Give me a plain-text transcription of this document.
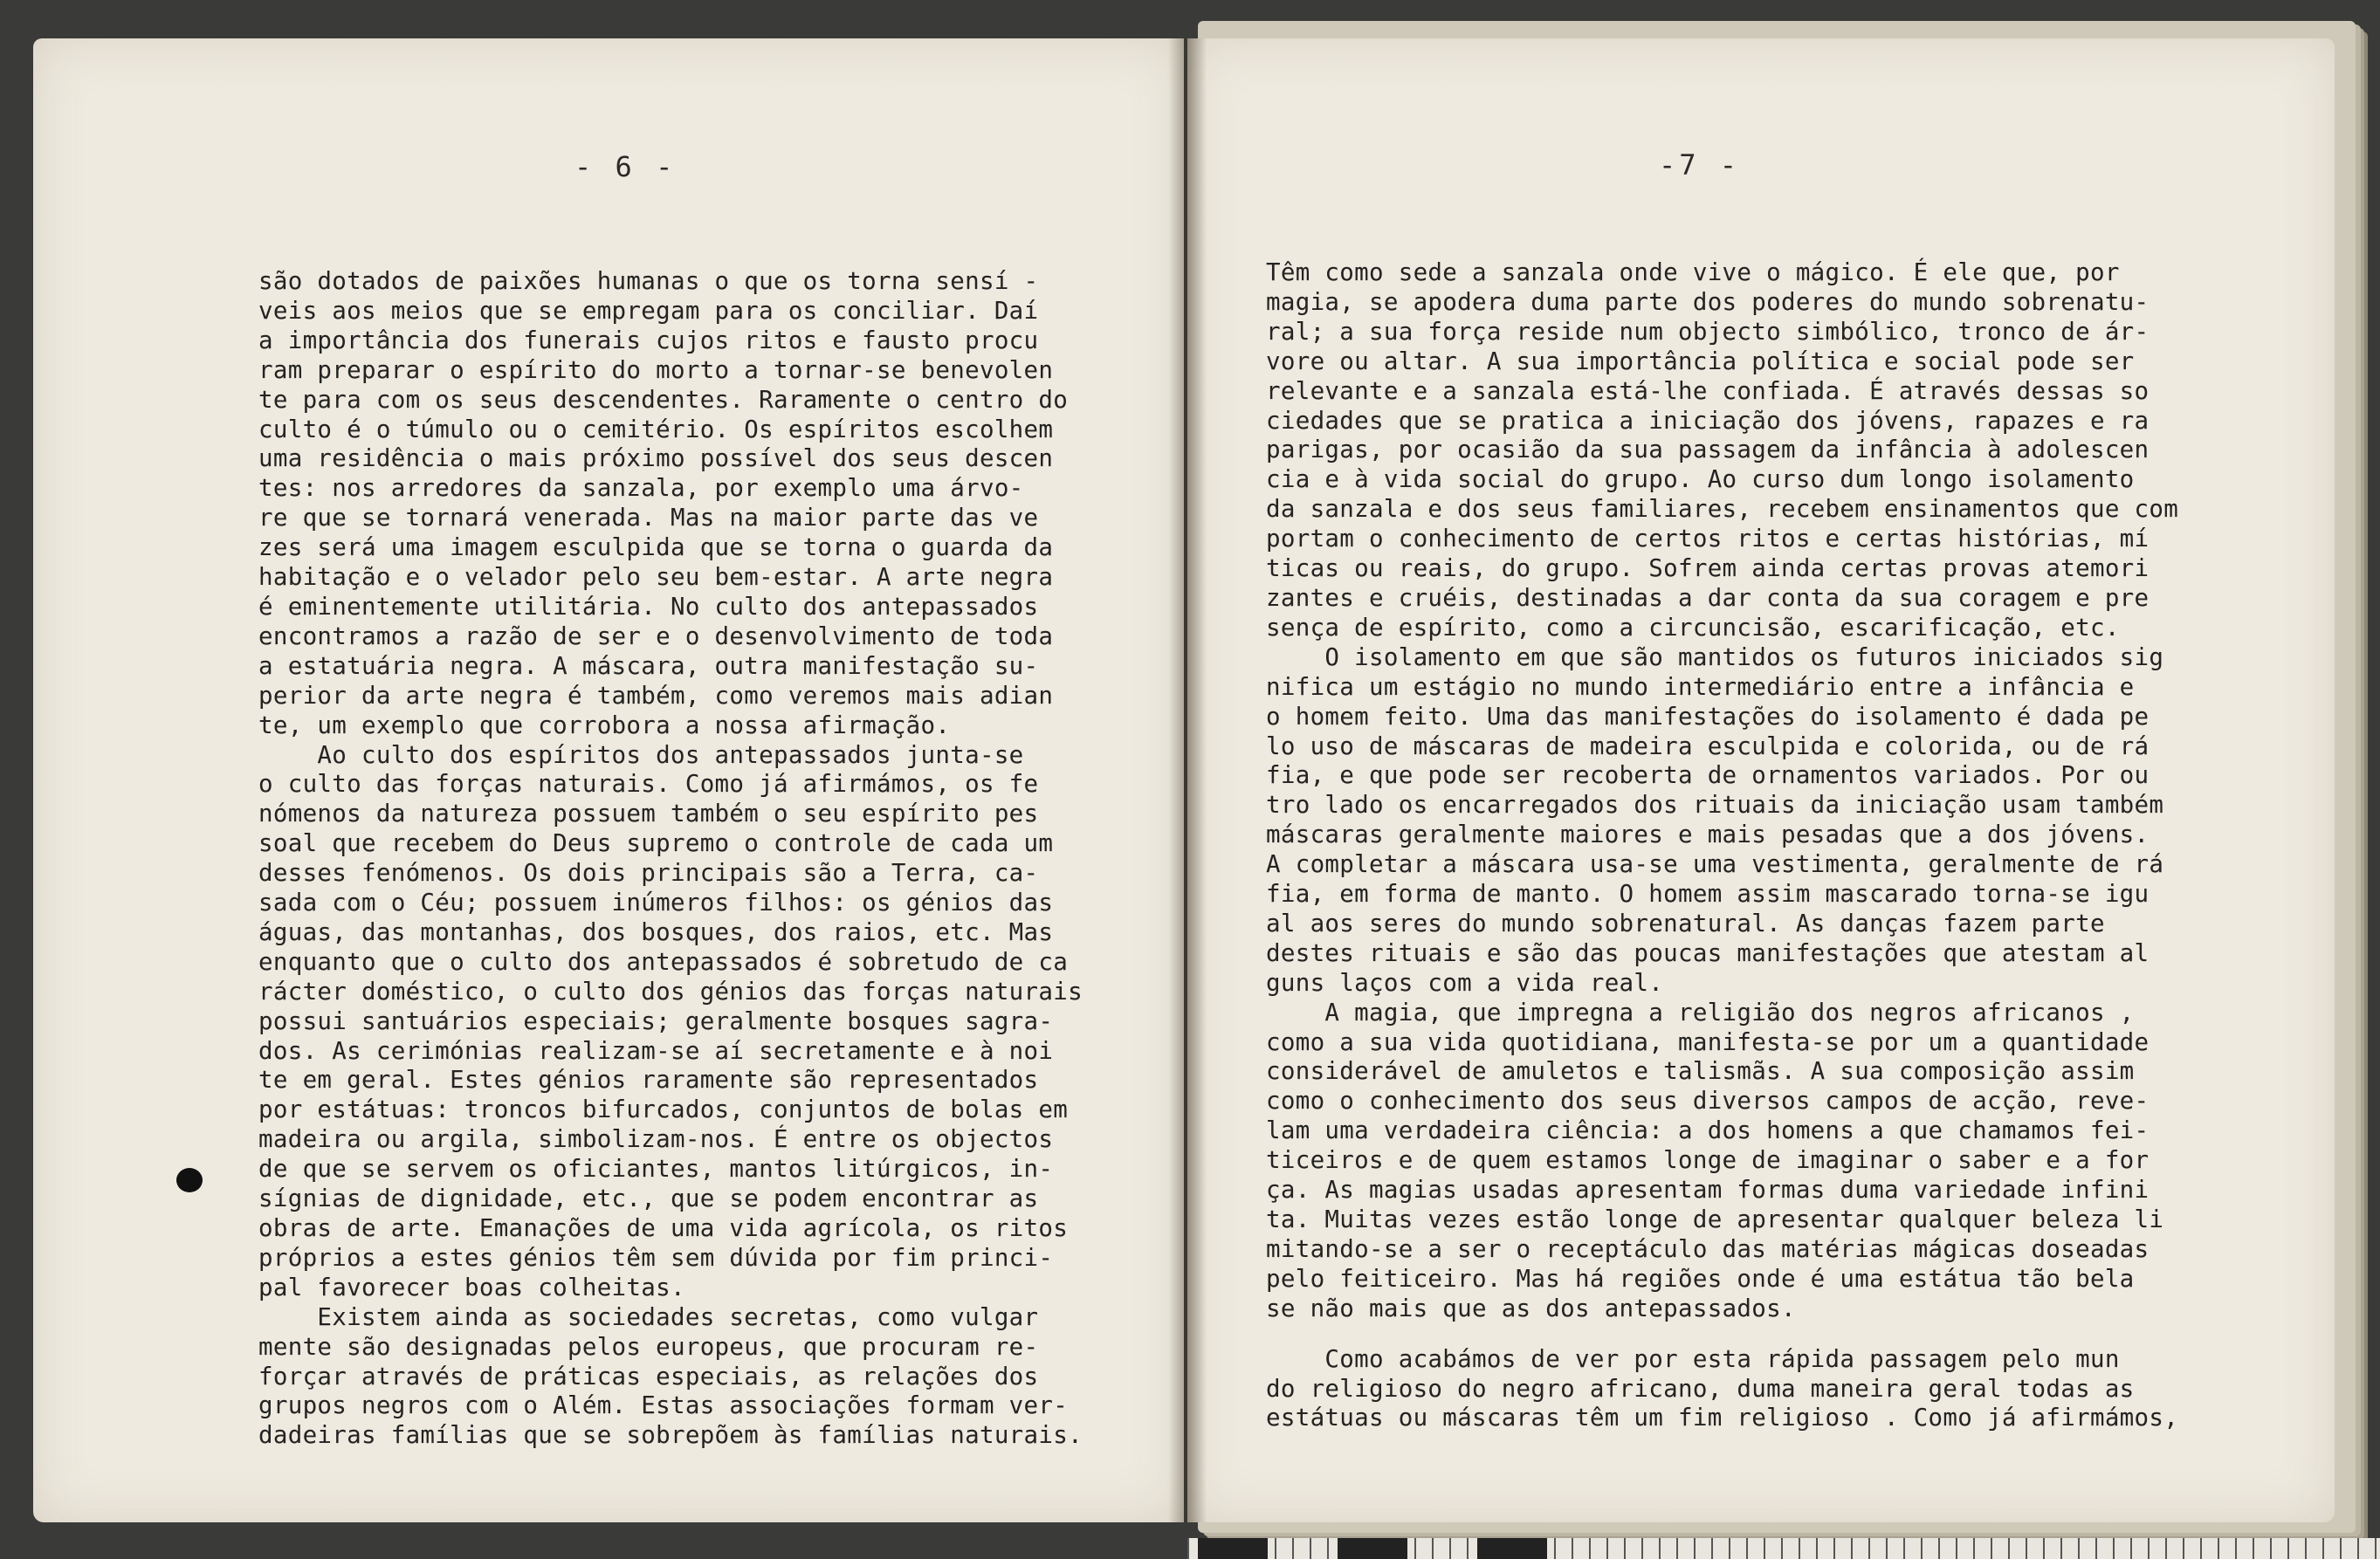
- 6 -
são dotados de paixões humanas o que os torna sensí -
veis aos meios que se empregam para os conciliar. Daí
a importância dos funerais cujos ritos e fausto procu
ram preparar o espírito do morto a tornar-se benevolen
te para com os seus descendentes. Raramente o centro do
culto é o túmulo ou o cemitério. Os espíritos escolhem
uma residência o mais próximo possível dos seus descen
tes: nos arredores da sanzala, por exemplo uma árvo-
re que se tornará venerada. Mas na maior parte das ve
zes será uma imagem esculpida que se torna o guarda da
habitação e o velador pelo seu bem-estar. A arte negra
é eminentemente utilitária. No culto dos antepassados
encontramos a razão de ser e o desenvolvimento de toda
a estatuária negra. A máscara, outra manifestação su-
perior da arte negra é também, como veremos mais adian
te, um exemplo que corrobora a nossa afirmação.
Ao culto dos espíritos dos antepassados junta-se
o culto das forças naturais. Como já afirmámos, os fe
nómenos da natureza possuem também o seu espírito pes
soal que recebem do Deus supremo o controle de cada um
desses fenómenos. Os dois principais são a Terra, ca-
sada com o Céu; possuem inúmeros filhos: os génios das
águas, das montanhas, dos bosques, dos raios, etc. Mas
enquanto que o culto dos antepassados é sobretudo de ca
rácter doméstico, o culto dos génios das forças naturais
possui santuários especiais; geralmente bosques sagra-
dos. As cerimónias realizam-se aí secretamente e à noi
te em geral. Estes génios raramente são representados
por estátuas: troncos bifurcados, conjuntos de bolas em
madeira ou argila, simbolizam-nos. É entre os objectos
de que se servem os oficiantes, mantos litúrgicos, in-
sígnias de dignidade, etc., que se podem encontrar as
obras de arte. Emanações de uma vida agrícola, os ritos
próprios a estes génios têm sem dúvida por fim princi-
pal favorecer boas colheitas.
Existem ainda as sociedades secretas, como vulgar
mente são designadas pelos europeus, que procuram re-
forçar através de práticas especiais, as relações dos
grupos negros com o Além. Estas associações formam ver-
dadeiras famílias que se sobrepõem às famílias naturais.
-7 -
Têm como sede a sanzala onde vive o mágico. É ele que, por
magia, se apodera duma parte dos poderes do mundo sobrenatu-
ral; a sua força reside num objecto simbólico, tronco de ár-
vore ou altar. A sua importância política e social pode ser
relevante e a sanzala está-lhe confiada. É através dessas so
ciedades que se pratica a iniciação dos jóvens, rapazes e ra
parigas, por ocasião da sua passagem da infância à adolescen
cia e à vida social do grupo. Ao curso dum longo isolamento
da sanzala e dos seus familiares, recebem ensinamentos que com
portam o conhecimento de certos ritos e certas histórias, mí
ticas ou reais, do grupo. Sofrem ainda certas provas atemori
zantes e cruéis, destinadas a dar conta da sua coragem e pre
sença de espírito, como a circuncisão, escarificação, etc.
O isolamento em que são mantidos os futuros iniciados sig
nifica um estágio no mundo intermediário entre a infância e
o homem feito. Uma das manifestações do isolamento é dada pe
lo uso de máscaras de madeira esculpida e colorida, ou de rá
fia, e que pode ser recoberta de ornamentos variados. Por ou
tro lado os encarregados dos rituais da iniciação usam também
máscaras geralmente maiores e mais pesadas que a dos jóvens.
A completar a máscara usa-se uma vestimenta, geralmente de rá
fia, em forma de manto. O homem assim mascarado torna-se igu
al aos seres do mundo sobrenatural. As danças fazem parte
destes rituais e são das poucas manifestações que atestam al
guns laços com a vida real.
A magia, que impregna a religião dos negros africanos ,
como a sua vida quotidiana, manifesta-se por um a quantidade
considerável de amuletos e talismãs. A sua composição assim
como o conhecimento dos seus diversos campos de acção, reve-
lam uma verdadeira ciência: a dos homens a que chamamos fei-
ticeiros e de quem estamos longe de imaginar o saber e a for
ça. As magias usadas apresentam formas duma variedade infini
ta. Muitas vezes estão longe de apresentar qualquer beleza li
mitando-se a ser o receptáculo das matérias mágicas doseadas
pelo feiticeiro. Mas há regiões onde é uma estátua tão bela
se não mais que as dos antepassados.
Como acabámos de ver por esta rápida passagem pelo mun
do religioso do negro africano, duma maneira geral todas as
estátuas ou máscaras têm um fim religioso . Como já afirmámos,
